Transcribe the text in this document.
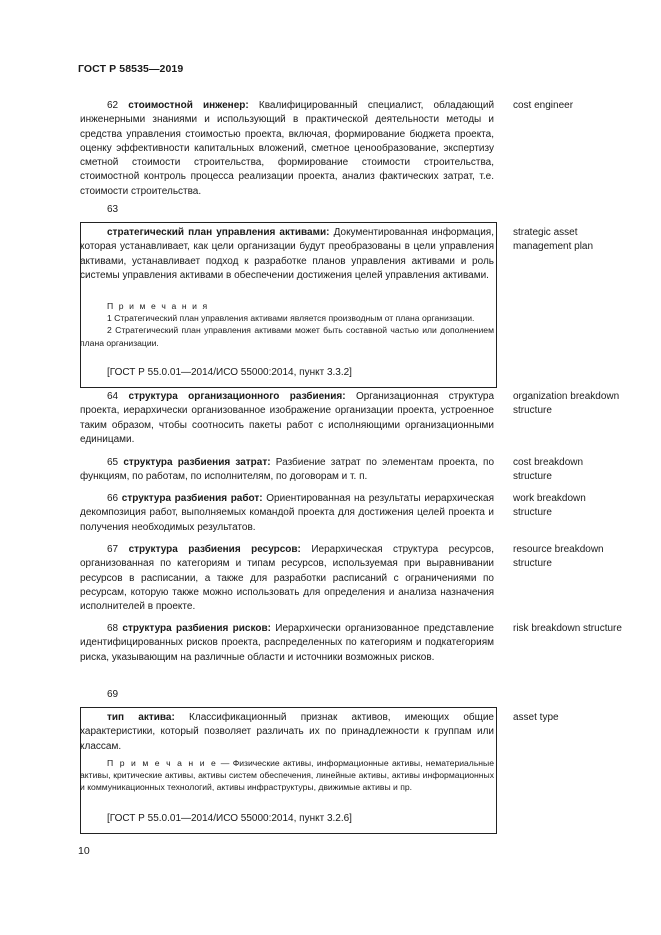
ГОСТ Р 58535—2019
62 стоимостной инженер: Квалифицированный специалист, обладающий инженерными знаниями и использующий в практической деятельности методы и средства управления стоимостью проекта, включая, формирование бюджета проекта, оценку эффективности капитальных вложений, сметное ценообразование, экспертизу сметной стоимости строительства, формирование стоимости строительства, стоимостной контроль процесса реализации проекта, анализ фактических затрат, т.е. стоимости строительства.
cost engineer
63
стратегический план управления активами: Документированная информация, которая устанавливает, как цели организации будут преобразованы в цели управления активами, устанавливает подход к разработке планов управления активами и роль системы управления активами в обеспечении достижения целей управления активами.
strategic asset management plan
П р и м е ч а н и я
1 Стратегический план управления активами является производным от плана организации.
2 Стратегический план управления активами может быть составной частью или дополнением плана организации.
[ГОСТ Р 55.0.01—2014/ИСО 55000:2014, пункт 3.3.2]
64 структура организационного разбиения: Организационная структура проекта, иерархически организованное изображение организации проекта, устроенное таким образом, чтобы соотносить пакеты работ с исполняющими организационными единицами.
organization breakdown structure
65 структура разбиения затрат: Разбиение затрат по элементам проекта, по функциям, по работам, по исполнителям, по договорам и т. п.
cost breakdown structure
66 структура разбиения работ: Ориентированная на результаты иерархическая декомпозиция работ, выполняемых командой проекта для достижения целей проекта и получения необходимых результатов.
work breakdown structure
67 структура разбиения ресурсов: Иерархическая структура ресурсов, организованная по категориям и типам ресурсов, используемая при выравнивании ресурсов в расписании, а также для разработки расписаний с ограничениями по ресурсам, которую также можно использовать для определения и анализа назначения исполнителей в проекте.
resource breakdown structure
68 структура разбиения рисков: Иерархически организованное представление идентифицированных рисков проекта, распределенных по категориям и подкатегориям риска, указывающим на различные области и источники возможных рисков.
risk breakdown structure
69
тип актива: Классификационный признак активов, имеющих общие характеристики, который позволяет различать их по принадлежности к группам или классам.
asset type
П р и м е ч а н и е — Физические активы, информационные активы, нематериальные активы, критические активы, активы систем обеспечения, линейные активы, активы информационных и коммуникационных технологий, активы инфраструктуры, движимые активы и пр.
[ГОСТ Р 55.0.01—2014/ИСО 55000:2014, пункт 3.2.6]
10
